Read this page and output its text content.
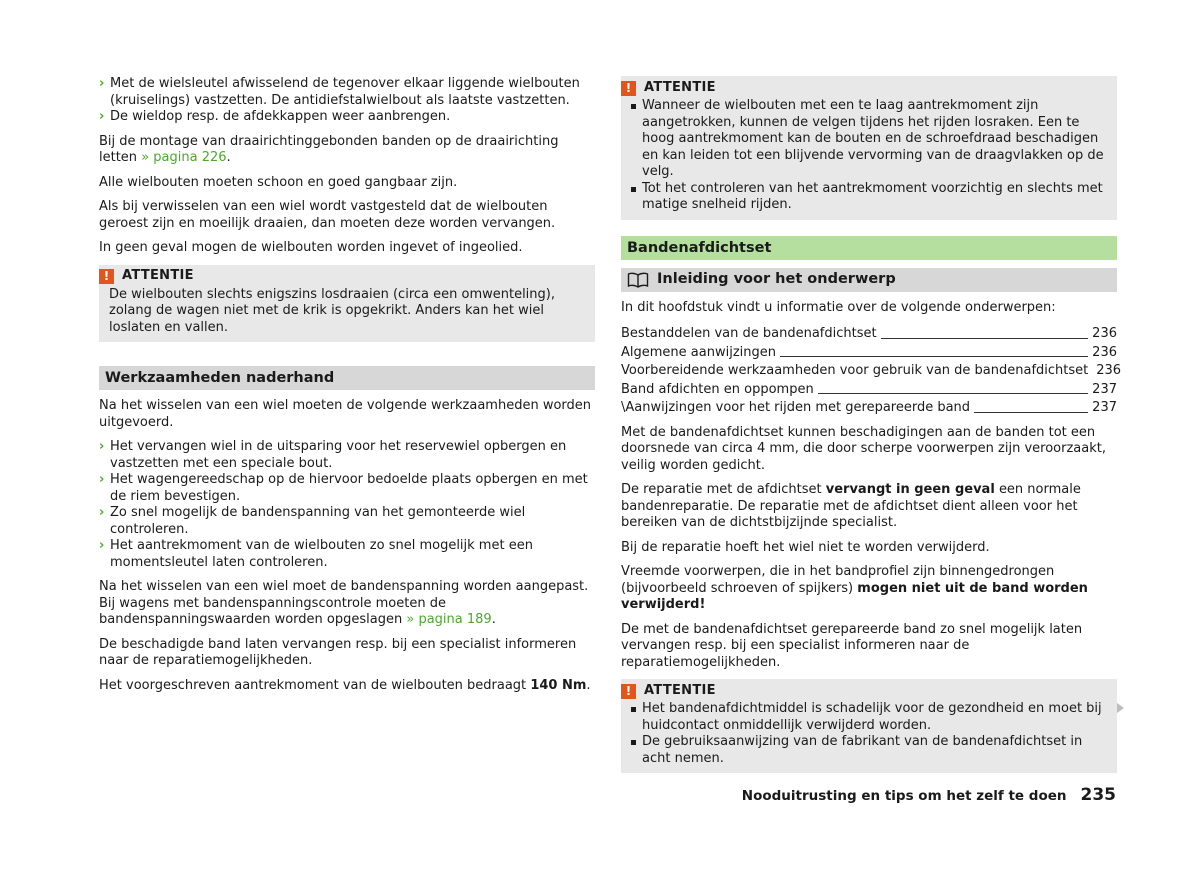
› Met de wielsleutel afwisselend de tegenover elkaar liggende wielbouten (kruiselings) vastzetten. De antidiefstalwielbout als laatste vastzetten.
› De wieldop resp. de afdekkappen weer aanbrengen.

Bij de montage van draairichtinggebonden banden op de draairichting letten » pagina 226.

Alle wielbouten moeten schoon en goed gangbaar zijn.

Als bij verwisselen van een wiel wordt vastgesteld dat de wielbouten geroest zijn en moeilijk draaien, dan moeten deze worden vervangen.

In geen geval mogen de wielbouten worden ingevet of ingeolied.

! ATTENTIE
De wielbouten slechts enigszins losdraaien (circa een omwenteling), zolang de wagen niet met de krik is opgekrikt. Anders kan het wiel loslaten en vallen.
Werkzaamheden naderhand

Na het wisselen van een wiel moeten de volgende werkzaamheden worden uitgevoerd.

› Het vervangen wiel in de uitsparing voor het reservewiel opbergen en vastzetten met een speciale bout.
› Het wagengereedschap op de hiervoor bedoelde plaats opbergen en met de riem bevestigen.
› Zo snel mogelijk de bandenspanning van het gemonteerde wiel controleren.
› Het aantrekmoment van de wielbouten zo snel mogelijk met een momentsleutel laten controleren.

Na het wisselen van een wiel moet de bandenspanning worden aangepast. Bij wagens met bandenspanningscontrole moeten de bandenspanningswaarden worden opgeslagen » pagina 189.

De beschadigde band laten vervangen resp. bij een specialist informeren naar de reparatiemogelijkheden.

Het voorgeschreven aantrekmoment van de wielbouten bedraagt 140 Nm.

! ATTENTIE
Wanneer de wielbouten met een te laag aantrekmoment zijn aangetrokken, kunnen de velgen tijdens het rijden losraken. Een te hoog aantrekmoment kan de bouten en de schroefdraad beschadigen en kan leiden tot een blijvende vervorming van de draagvlakken op de velg.
Tot het controleren van het aantrekmoment voorzichtig en slechts met matige snelheid rijden.
Bandenafdichtset
Inleiding voor het onderwerp

In dit hoofdstuk vindt u informatie over de volgende onderwerpen:

Bestanddelen van de bandenafdichtset	236
Algemene aanwijzingen	236
Voorbereidende werkzaamheden voor gebruik van de bandenafdichtset 236
Band afdichten en oppompen	237
\Aanwijzingen voor het rijden met gerepareerde band	237

Met de bandenafdichtset kunnen beschadigingen aan de banden tot een doorsnede van circa 4 mm, die door scherpe voorwerpen zijn veroorzaakt, veilig worden gedicht.

De reparatie met de afdichtset vervangt in geen geval een normale bandenreparatie. De reparatie met de afdichtset dient alleen voor het bereiken van de dichtstbijzijnde specialist.

Bij de reparatie hoeft het wiel niet te worden verwijderd.

Vreemde voorwerpen, die in het bandprofiel zijn binnengedrongen (bijvoorbeeld schroeven of spijkers) mogen niet uit de band worden verwijderd!

De met de bandenafdichtset gerepareerde band zo snel mogelijk laten vervangen resp. bij een specialist informeren naar de reparatiemogelijkheden.

! ATTENTIE
Het bandenafdichtmiddel is schadelijk voor de gezondheid en moet bij huidcontact onmiddellijk verwijderd worden.
De gebruiksaanwijzing van de fabrikant van de bandenafdichtset in acht nemen.
Nooduitrusting en tips om het zelf te doen 235
